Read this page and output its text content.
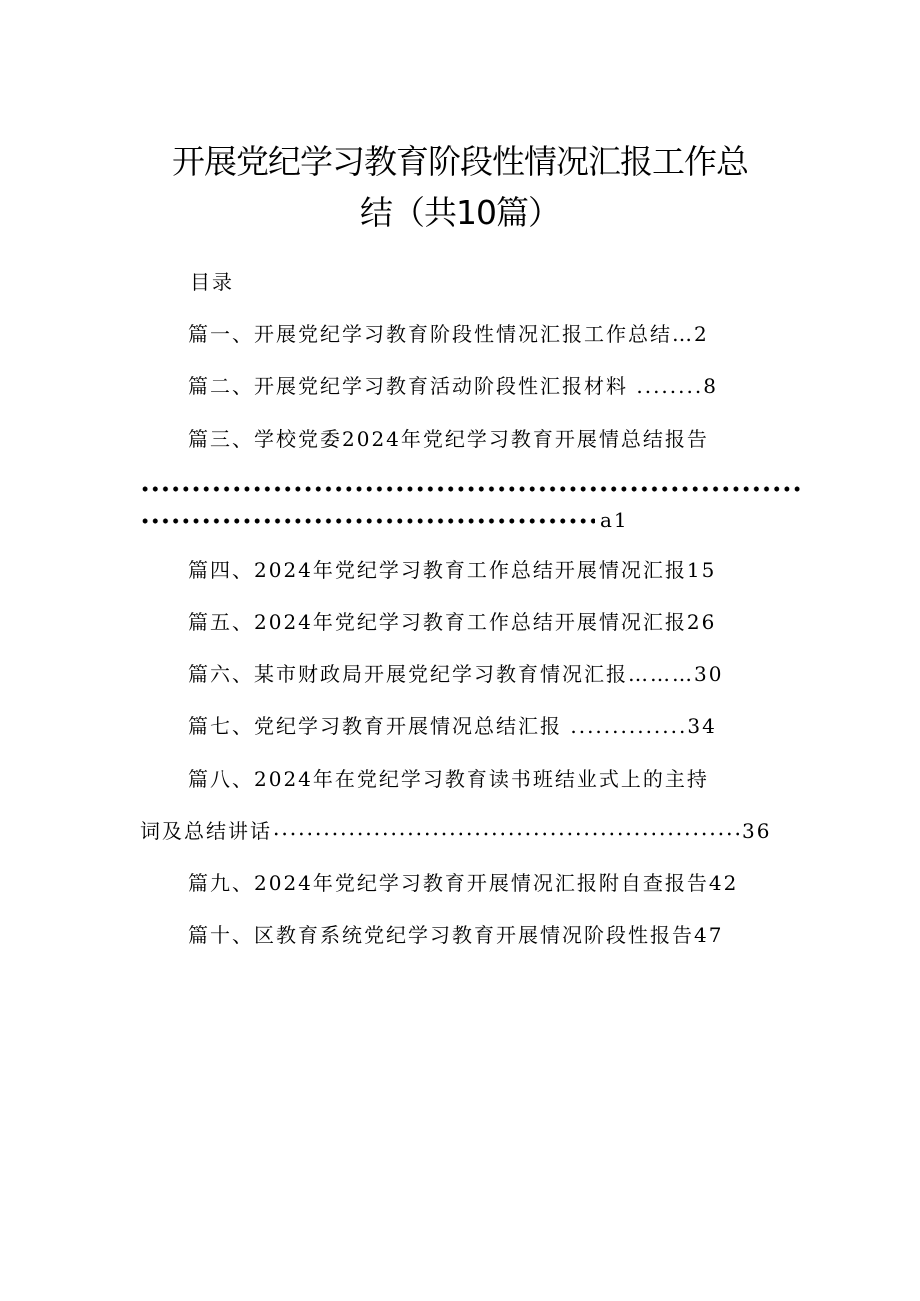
开展党纪学习教育阶段性情况汇报工作总
结（共10篇）
目录
篇一、开展党纪学习教育阶段性情况汇报工作总结…2
篇二、开展党纪学习教育活动阶段性汇报材料 ........8
篇三、学校党委2024年党纪学习教育开展情总结报告
a1
篇四、2024年党纪学习教育工作总结开展情况汇报15
篇五、2024年党纪学习教育工作总结开展情况汇报26
篇六、某市财政局开展党纪学习教育情况汇报………30
篇七、党纪学习教育开展情况总结汇报 ..............34
篇八、2024年在党纪学习教育读书班结业式上的主持
词及总结讲话	36
篇九、2024年党纪学习教育开展情况汇报附自查报告42
篇十、区教育系统党纪学习教育开展情况阶段性报告47
